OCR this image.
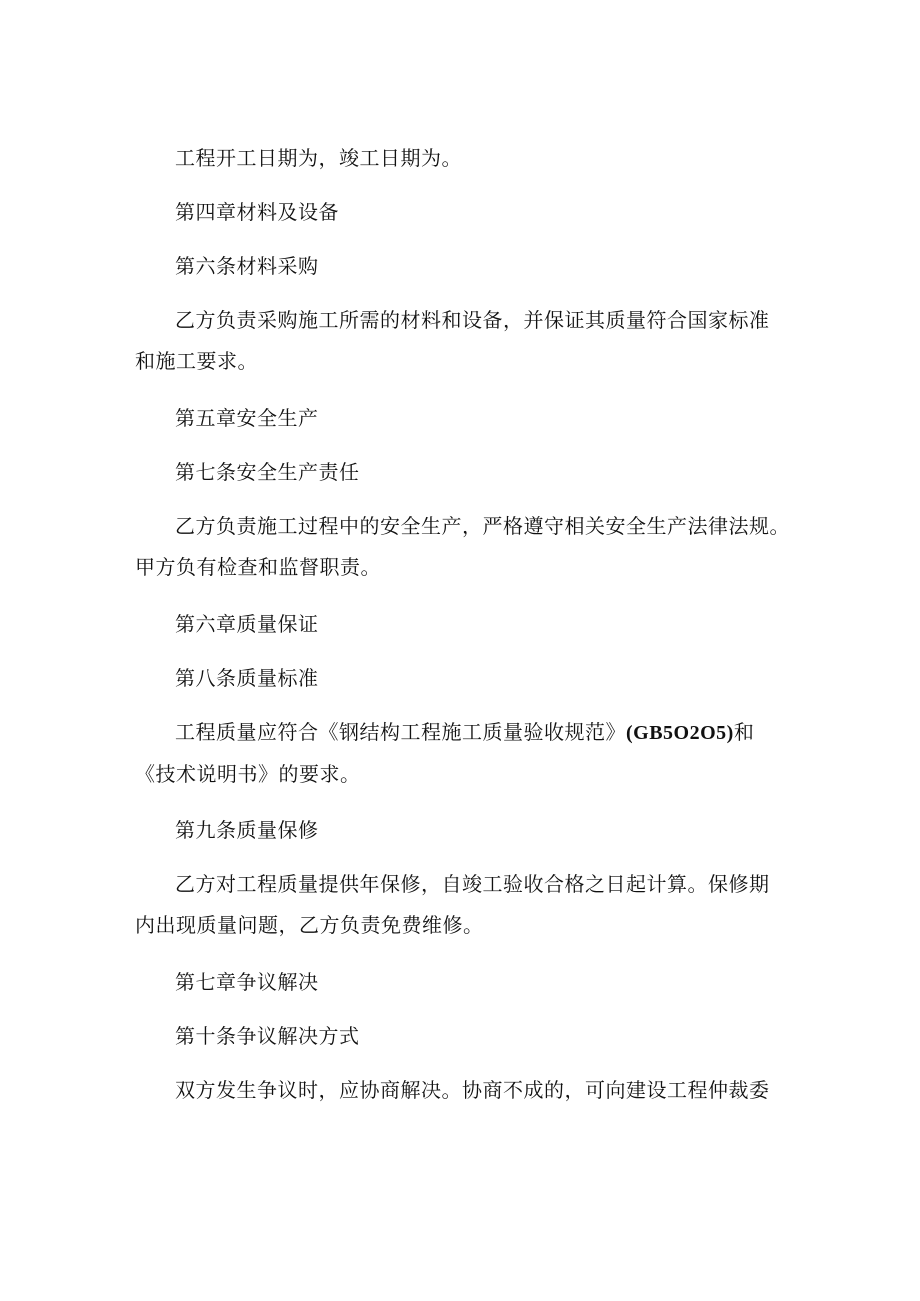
工程开工日期为，竣工日期为。

第四章材料及设备

第六条材料采购

乙方负责采购施工所需的材料和设备，并保证其质量符合国家标准
和施工要求。

第五章安全生产

第七条安全生产责任

乙方负责施工过程中的安全生产，严格遵守相关安全生产法律法规。
甲方负有检查和监督职责。

第六章质量保证

第八条质量标准

工程质量应符合《钢结构工程施工质量验收规范》(GB5O2O5)和
《技术说明书》的要求。

第九条质量保修

乙方对工程质量提供年保修，自竣工验收合格之日起计算。保修期
内出现质量问题，乙方负责免费维修。

第七章争议解决

第十条争议解决方式

双方发生争议时，应协商解决。协商不成的，可向建设工程仲裁委
